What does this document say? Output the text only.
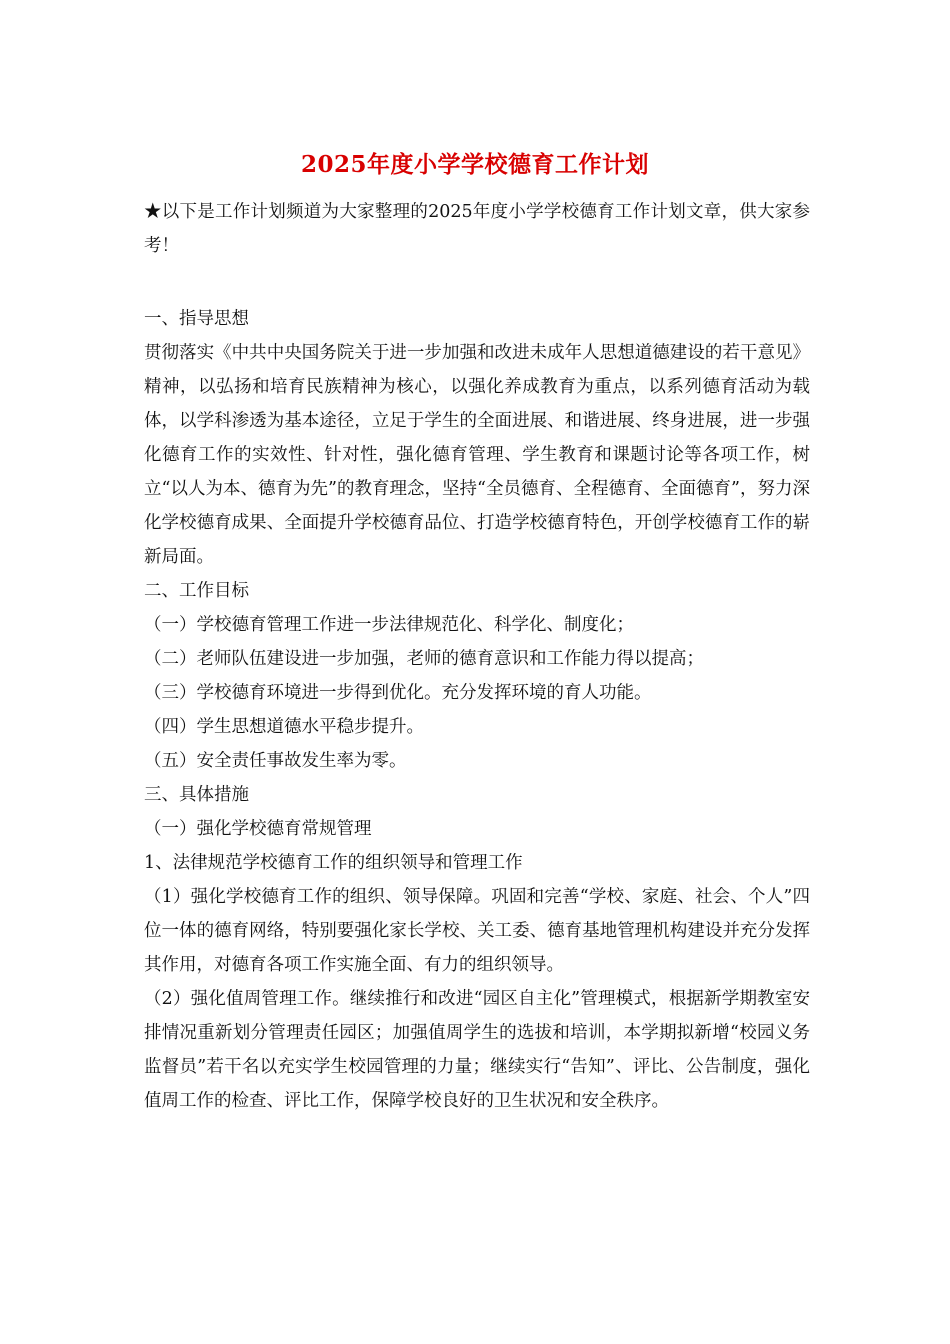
2025年度小学学校德育工作计划

★以下是工作计划频道为大家整理的2025年度小学学校德育工作计划文章，供大家参考！

一、指导思想

贯彻落实《中共中央国务院关于进一步加强和改进未成年人思想道德建设的若干意见》精神，以弘扬和培育民族精神为核心，以强化养成教育为重点，以系列德育活动为载体，以学科渗透为基本途径，立足于学生的全面进展、和谐进展、终身进展，进一步强化德育工作的实效性、针对性，强化德育管理、学生教育和课题讨论等各项工作，树立“以人为本、德育为先”的教育理念，坚持“全员德育、全程德育、全面德育”，努力深化学校德育成果、全面提升学校德育品位、打造学校德育特色，开创学校德育工作的崭新局面。

二、工作目标

（一）学校德育管理工作进一步法律规范化、科学化、制度化；

（二）老师队伍建设进一步加强，老师的德育意识和工作能力得以提高；

（三）学校德育环境进一步得到优化。充分发挥环境的育人功能。

（四）学生思想道德水平稳步提升。

（五）安全责任事故发生率为零。

三、具体措施

（一）强化学校德育常规管理

1、法律规范学校德育工作的组织领导和管理工作

（1）强化学校德育工作的组织、领导保障。巩固和完善“学校、家庭、社会、个人”四位一体的德育网络，特别要强化家长学校、关工委、德育基地管理机构建设并充分发挥其作用，对德育各项工作实施全面、有力的组织领导。

（2）强化值周管理工作。继续推行和改进“园区自主化”管理模式，根据新学期教室安排情况重新划分管理责任园区；加强值周学生的选拔和培训，本学期拟新增“校园义务监督员”若干名以充实学生校园管理的力量；继续实行“告知”、评比、公告制度，强化值周工作的检查、评比工作，保障学校良好的卫生状况和安全秩序。
